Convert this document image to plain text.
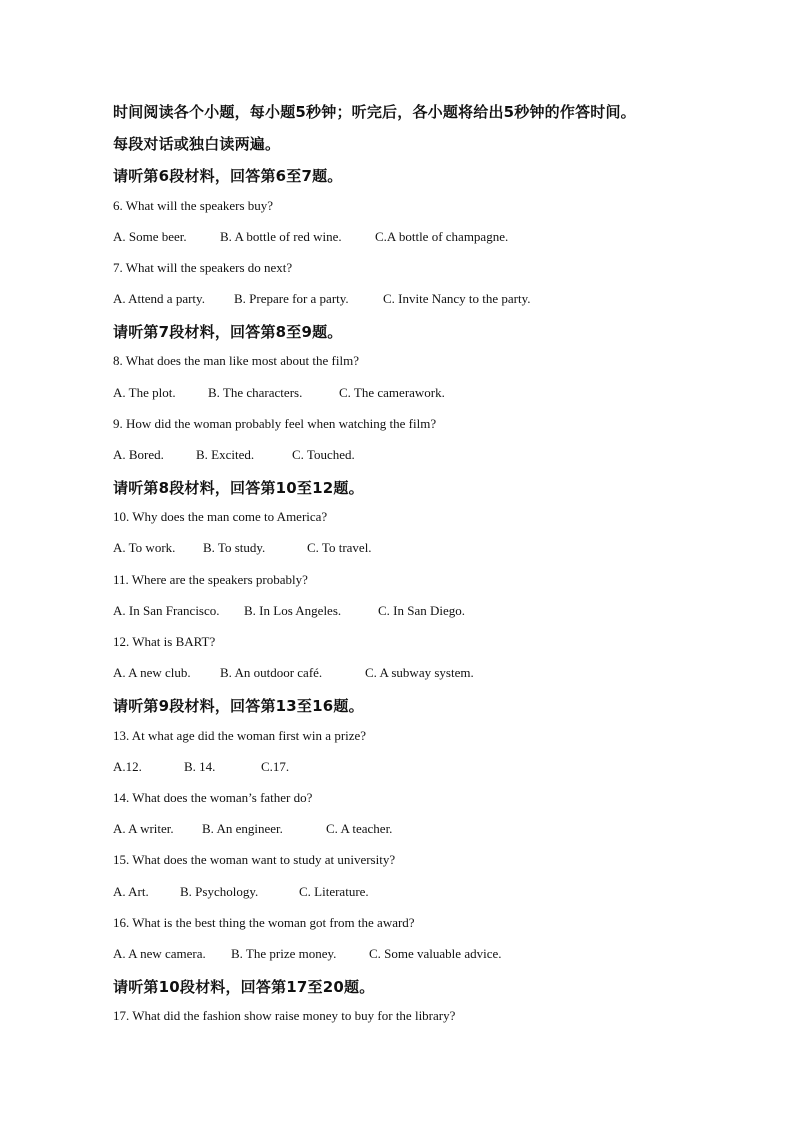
时间阅读各个小题，每小题5秒钟；听完后，各小题将给出5秒钟的作答时间。
每段对话或独白读两遍。
请听第6段材料，回答第6至7题。
6. What will the speakers buy?
A. Some beer.	B. A bottle of red wine.	C.A bottle of champagne.
7. What will the speakers do next?
A. Attend a party. B. Prepare for a party.	C. Invite Nancy to the party.
请听第7段材料，回答第8至9题。
8. What does the man like most about the film?
A. The plot. B. The characters.	C. The camerawork.
9. How did the woman probably feel when watching the film?
A. Bored. B. Excited.	C. Touched.
请听第8段材料，回答第10至12题。
10. Why does the man come to America?
A. To work. B. To study.	C. To travel.
11. Where are the speakers probably?
A. In San Francisco. B. In Los Angeles.	C. In San Diego.
12. What is BART?
A. A new club. B. An outdoor café.	C. A subway system.
请听第9段材料，回答第13至16题。
13. At what age did the woman first win a prize?
A.12.	B. 14.	C.17.
14. What does the woman’s father do?
A. A writer. B. An engineer.	C. A teacher.
15. What does the woman want to study at university?
A. Art. B. Psychology.	C. Literature.
16. What is the best thing the woman got from the award?
A. A new camera. B. The prize money.	C. Some valuable advice.
请听第10段材料，回答第17至20题。
17. What did the fashion show raise money to buy for the library?
